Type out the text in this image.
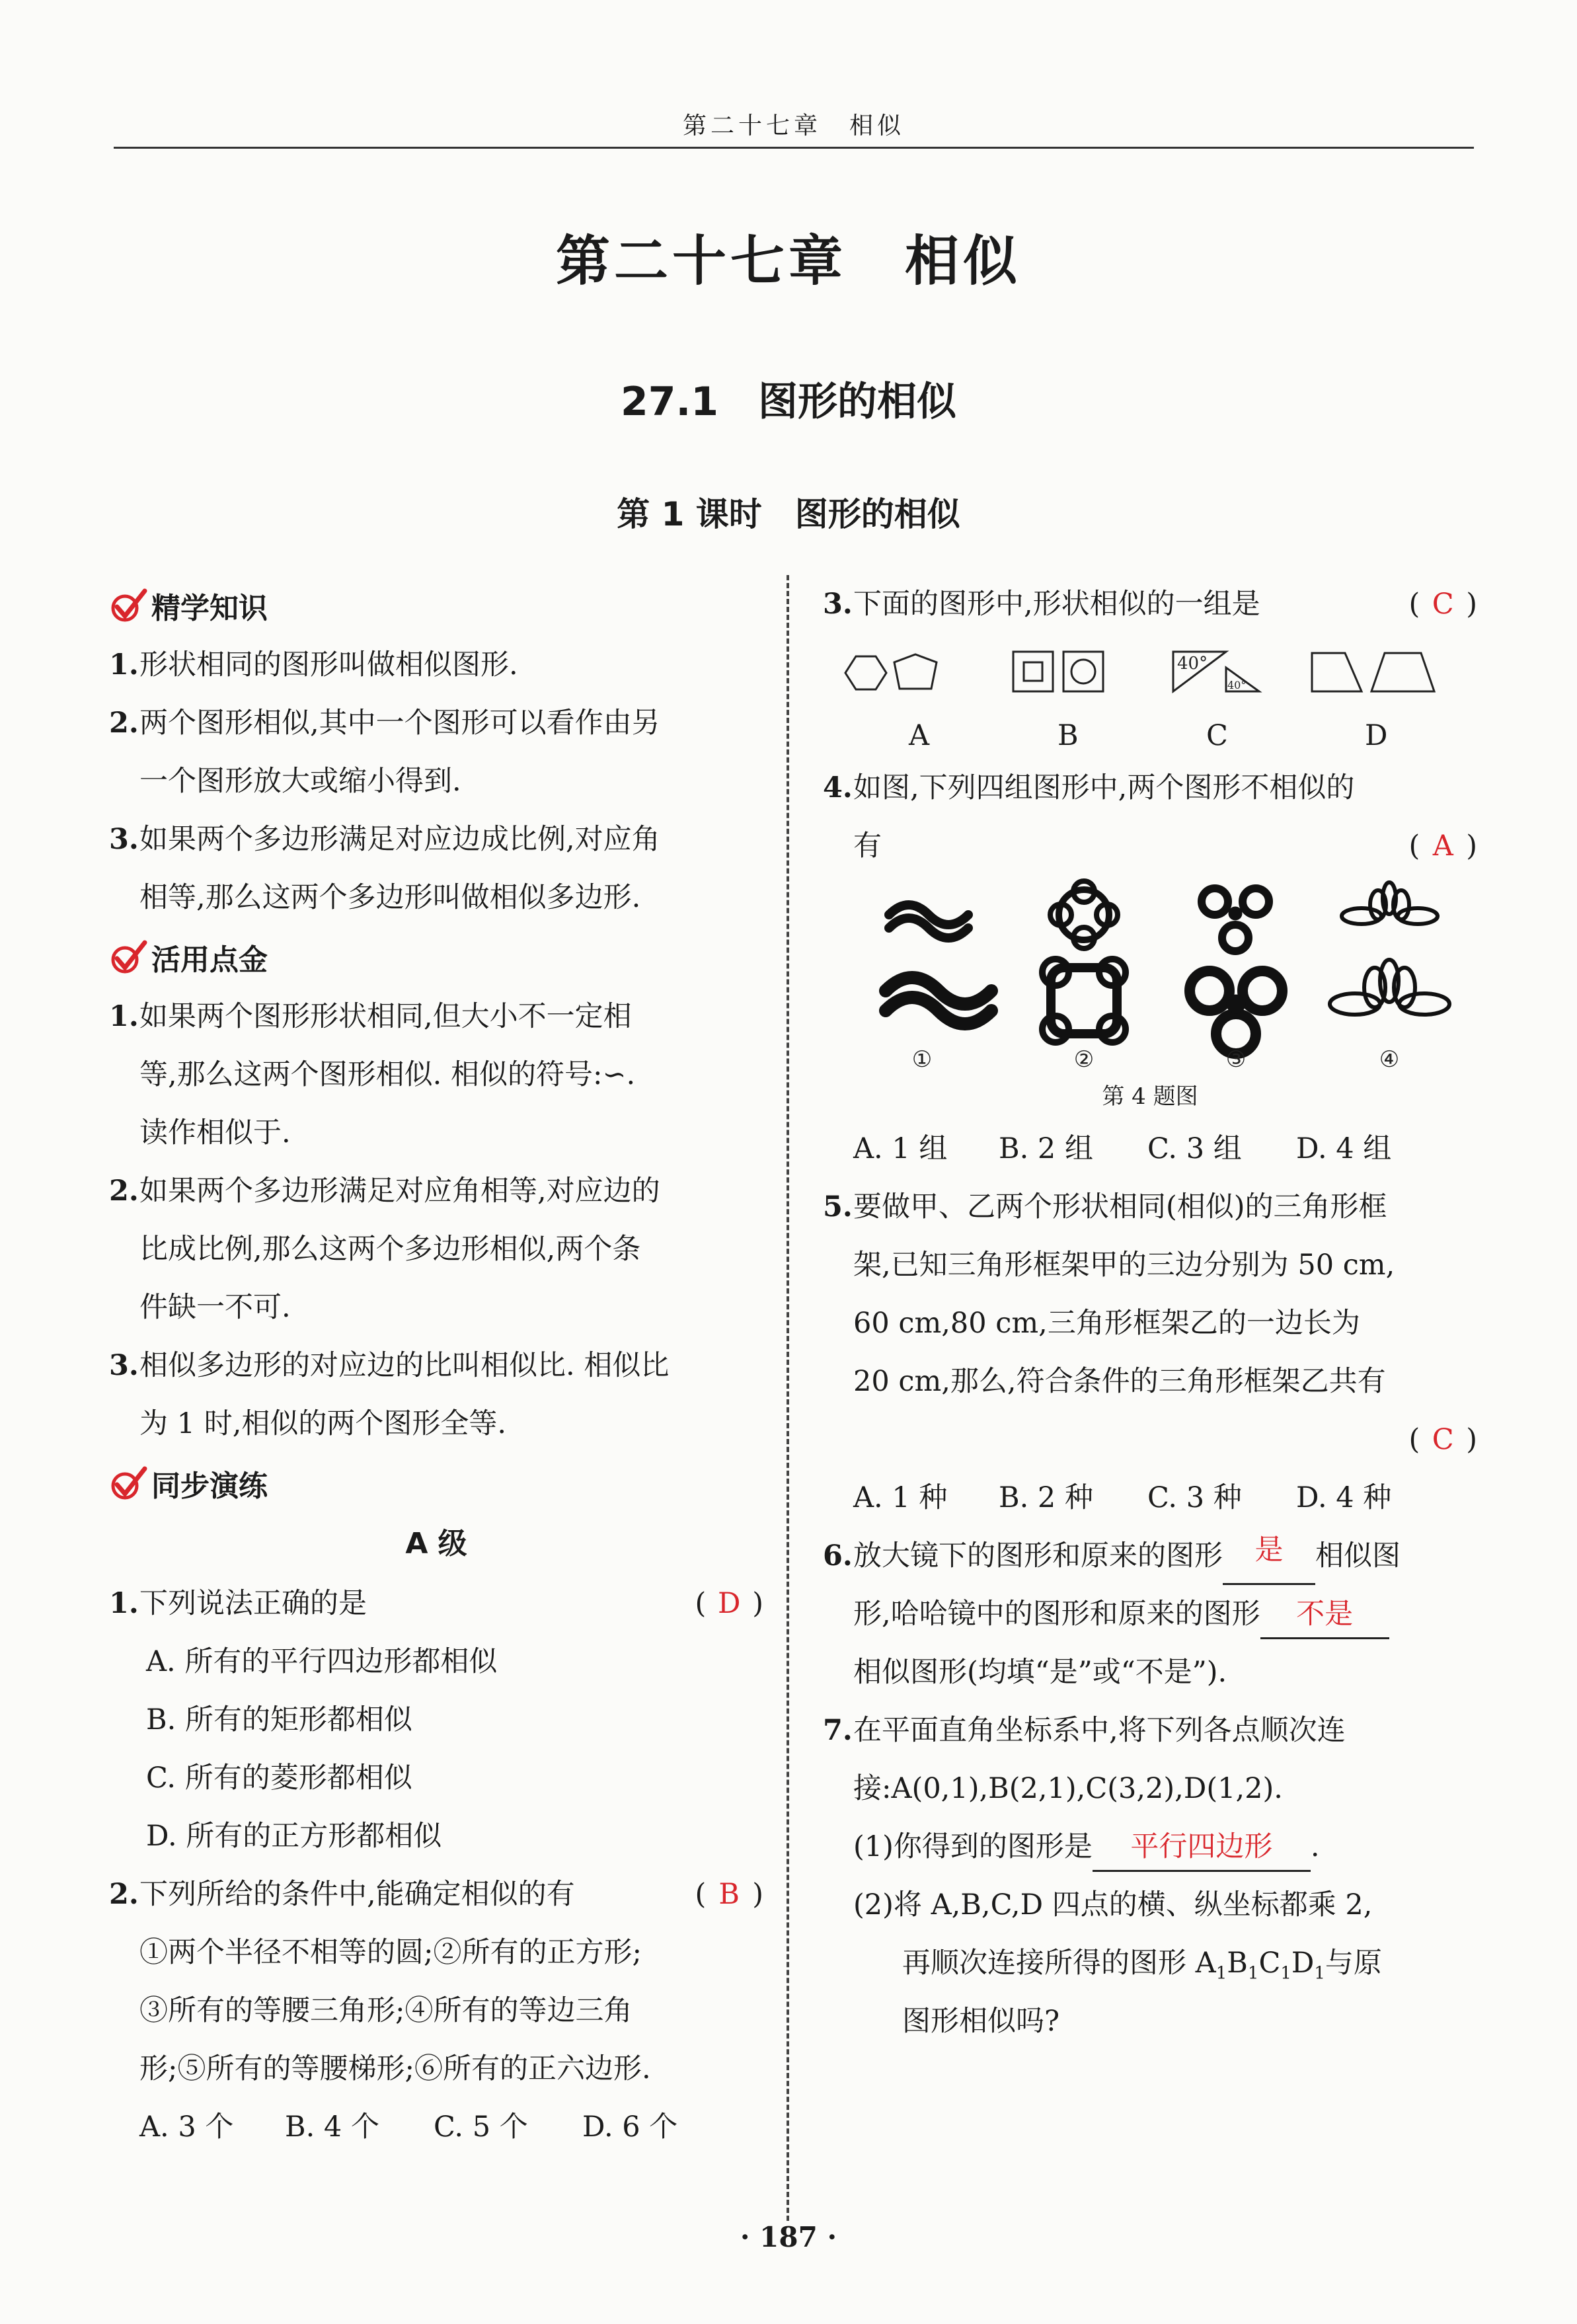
第二十七章　相似
第二十七章　相似
27.1　图形的相似
第 1 课时　图形的相似
精学知识
1. 形状相同的图形叫做相似图形.
2. 两个图形相似,其中一个图形可以看作由另
一个图形放大或缩小得到.
3. 如果两个多边形满足对应边成比例,对应角
相等,那么这两个多边形叫做相似多边形.
活用点金
1. 如果两个图形形状相同,但大小不一定相
等,那么这两个图形相似. 相似的符号:∽.
读作相似于.
2. 如果两个多边形满足对应角相等,对应边的
比成比例,那么这两个多边形相似,两个条
件缺一不可.
3. 相似多边形的对应边的比叫相似比. 相似比
为 1 时,相似的两个图形全等.
同步演练
A 级
1. 下列说法正确的是	( D )
A. 所有的平行四边形都相似
B. 所有的矩形都相似
C. 所有的菱形都相似
D. 所有的正方形都相似
2. 下列所给的条件中,能确定相似的有	( B )
①两个半径不相等的圆;②所有的正方形;
③所有的等腰三角形;④所有的等边三角
形;⑤所有的等腰梯形;⑥所有的正六边形.
A. 3 个 B. 4 个 C. 5 个 D. 6 个
3. 下面的图形中,形状相似的一组是	( C )
40°
40°
A	B	C	D
4. 如图,下列四组图形中,两个图形不相似的
有	( A )
①	②	③	④
第 4 题图
A. 1 组 B. 2 组 C. 3 组 D. 4 组
5. 要做甲、乙两个形状相同(相似)的三角形框
架,已知三角形框架甲的三边分别为 50 cm,
60 cm,80 cm,三角形框架乙的一边长为
20 cm,那么,符合条件的三角形框架乙共有
( C )
A. 1 种 B. 2 种 C. 3 种 D. 4 种
6. 放大镜下的图形和原来的图形	是	相似图
形,哈哈镜中的图形和原来的图形 不是
相似图形(均填“是”或“不是”).
7. 在平面直角坐标系中,将下列各点顺次连
接:A(0,1),B(2,1),C(3,2),D(1,2).
(1)你得到的图形是 平行四边形 .
(2)将 A,B,C,D 四点的横、纵坐标都乘 2,
再顺次连接所得的图形 $A_1B_1C_1D_1$与原
图形相似吗?
· 187 ·
